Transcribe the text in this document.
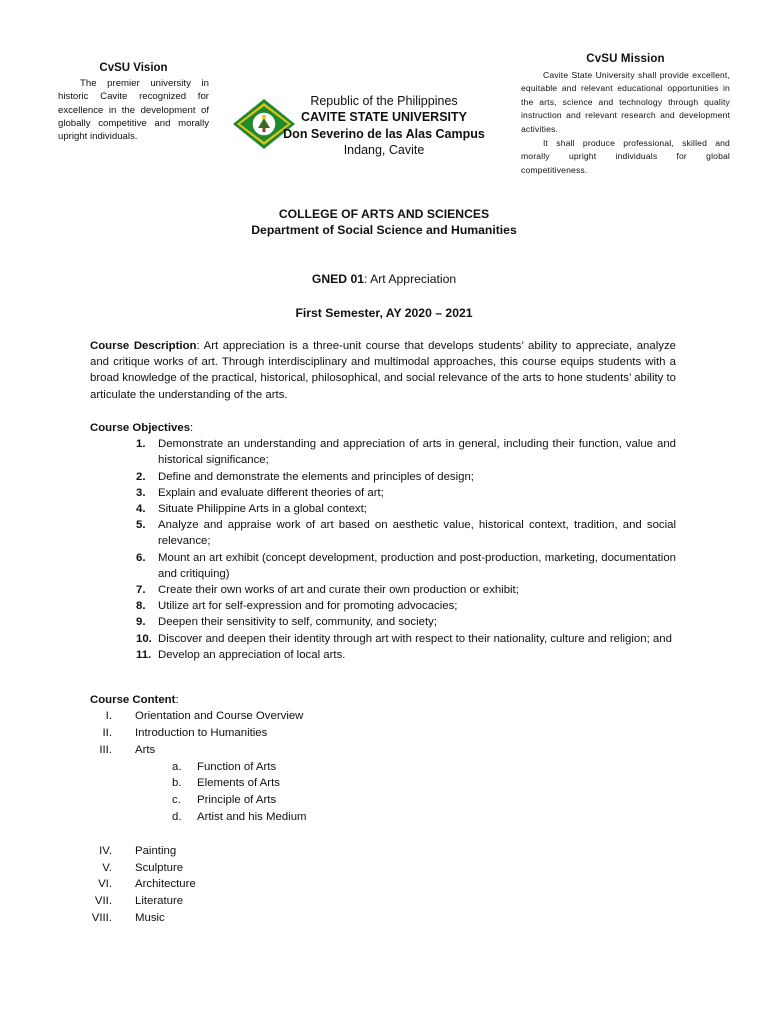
CvSU Vision

The premier university in historic Cavite recognized for excellence in the development of globally competitive and morally upright individuals.

Republic of the Philippines
CAVITE STATE UNIVERSITY
Don Severino de las Alas Campus
Indang, Cavite
CvSU Mission

Cavite State University shall provide excellent, equitable and relevant educational opportunities in the arts, science and technology through quality instruction and relevant research and development activities.

It shall produce professional, skilled and morally upright individuals for global competitiveness.

COLLEGE OF ARTS AND SCIENCES
Department of Social Science and Humanities
GNED 01: Art Appreciation
First Semester, AY 2020 – 2021
Course Description: Art appreciation is a three-unit course that develops students’ ability to appreciate, analyze and critique works of art. Through interdisciplinary and multimodal approaches, this course equips students with a broad knowledge of the practical, historical, philosophical, and social relevance of the arts to hone students’ ability to articulate the understanding of the arts.
Course Objectives:
1.	Demonstrate an understanding and appreciation of arts in general, including their function, value and historical significance;
2.	Define and demonstrate the elements and principles of design;
3.	Explain and evaluate different theories of art;
4.	Situate Philippine Arts in a global context;
5.	Analyze and appraise work of art based on aesthetic value, historical context, tradition, and social relevance;
6.	Mount an art exhibit (concept development, production and post-production, marketing, documentation and critiquing)
7.	Create their own works of art and curate their own production or exhibit;
8.	Utilize art for self-expression and for promoting advocacies;
9.	Deepen their sensitivity to self, community, and society;
10. Discover and deepen their identity through art with respect to their nationality, culture and religion; and
11. Develop an appreciation of local arts.
Course Content:
I. Orientation and Course Overview
II. Introduction to Humanities
III. Arts
a.	Function of Arts
b.	Elements of Arts
c.	Principle of Arts
d.	Artist and his Medium
IV. Painting
V. Sculpture
VI. Architecture
VII. Literature
VIII. Music
